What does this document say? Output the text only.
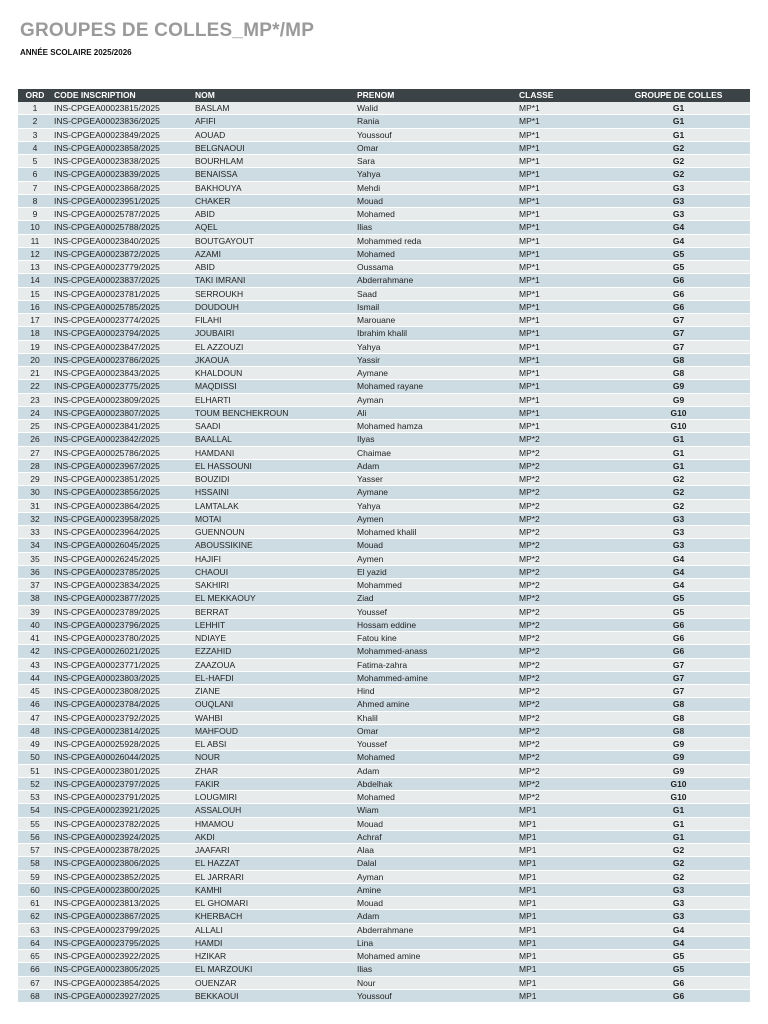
GROUPES DE COLLES_MP*/MP
ANNÉE SCOLAIRE 2025/2026
ORD	CODE INSCRIPTION	NOM	PRENOM	CLASSE	GROUPE DE COLLES
1	INS-CPGEA00023815/2025	BASLAM	Walid	MP*1	G1
2	INS-CPGEA00023836/2025	AFIFI	Rania	MP*1	G1
3	INS-CPGEA00023849/2025	AOUAD	Youssouf	MP*1	G1
4	INS-CPGEA00023858/2025	BELGNAOUI	Omar	MP*1	G2
5	INS-CPGEA00023838/2025	BOURHLAM	Sara	MP*1	G2
6	INS-CPGEA00023839/2025	BENAISSA	Yahya	MP*1	G2
7	INS-CPGEA00023868/2025	BAKHOUYA	Mehdi	MP*1	G3
8	INS-CPGEA00023951/2025	CHAKER	Mouad	MP*1	G3
9	INS-CPGEA00025787/2025	ABID	Mohamed	MP*1	G3
10	INS-CPGEA00025788/2025	AQEL	Ilias	MP*1	G4
11	INS-CPGEA00023840/2025	BOUTGAYOUT	Mohammed reda	MP*1	G4
12	INS-CPGEA00023872/2025	AZAMI	Mohamed	MP*1	G5
13	INS-CPGEA00023779/2025	ABID	Oussama	MP*1	G5
14	INS-CPGEA00023837/2025	TAKI IMRANI	Abderrahmane	MP*1	G6
15	INS-CPGEA00023781/2025	SERROUKH	Saad	MP*1	G6
16	INS-CPGEA00025785/2025	DOUDOUH	Ismail	MP*1	G6
17	INS-CPGEA00023774/2025	FILAHI	Marouane	MP*1	G7
18	INS-CPGEA00023794/2025	JOUBAIRI	Ibrahim khalil	MP*1	G7
19	INS-CPGEA00023847/2025	EL AZZOUZI	Yahya	MP*1	G7
20	INS-CPGEA00023786/2025	JKAOUA	Yassir	MP*1	G8
21	INS-CPGEA00023843/2025	KHALDOUN	Aymane	MP*1	G8
22	INS-CPGEA00023775/2025	MAQDISSI	Mohamed rayane	MP*1	G9
23	INS-CPGEA00023809/2025	ELHARTI	Ayman	MP*1	G9
24	INS-CPGEA00023807/2025	TOUM BENCHEKROUN	Ali	MP*1	G10
25	INS-CPGEA00023841/2025	SAADI	Mohamed hamza	MP*1	G10
26	INS-CPGEA00023842/2025	BAALLAL	Ilyas	MP*2	G1
27	INS-CPGEA00025786/2025	HAMDANI	Chaimae	MP*2	G1
28	INS-CPGEA00023967/2025	EL HASSOUNI	Adam	MP*2	G1
29	INS-CPGEA00023851/2025	BOUZIDI	Yasser	MP*2	G2
30	INS-CPGEA00023856/2025	HSSAINI	Aymane	MP*2	G2
31	INS-CPGEA00023864/2025	LAMTALAK	Yahya	MP*2	G2
32	INS-CPGEA00023958/2025	MOTAI	Aymen	MP*2	G3
33	INS-CPGEA00023964/2025	GUENNOUN	Mohamed khalil	MP*2	G3
34	INS-CPGEA00026045/2025	ABOUSSIKINE	Mouad	MP*2	G3
35	INS-CPGEA00026245/2025	HAJIFI	Aymen	MP*2	G4
36	INS-CPGEA00023785/2025	CHAOUI	El yazid	MP*2	G4
37	INS-CPGEA00023834/2025	SAKHIRI	Mohammed	MP*2	G4
38	INS-CPGEA00023877/2025	EL MEKKAOUY	Ziad	MP*2	G5
39	INS-CPGEA00023789/2025	BERRAT	Youssef	MP*2	G5
40	INS-CPGEA00023796/2025	LEHHIT	Hossam eddine	MP*2	G6
41	INS-CPGEA00023780/2025	NDIAYE	Fatou kine	MP*2	G6
42	INS-CPGEA00026021/2025	EZZAHID	Mohammed-anass	MP*2	G6
43	INS-CPGEA00023771/2025	ZAAZOUA	Fatima-zahra	MP*2	G7
44	INS-CPGEA00023803/2025	EL-HAFDI	Mohammed-amine	MP*2	G7
45	INS-CPGEA00023808/2025	ZIANE	Hind	MP*2	G7
46	INS-CPGEA00023784/2025	OUQLANI	Ahmed amine	MP*2	G8
47	INS-CPGEA00023792/2025	WAHBI	Khalil	MP*2	G8
48	INS-CPGEA00023814/2025	MAHFOUD	Omar	MP*2	G8
49	INS-CPGEA00025928/2025	EL ABSI	Youssef	MP*2	G9
50	INS-CPGEA00026044/2025	NOUR	Mohamed	MP*2	G9
51	INS-CPGEA00023801/2025	ZHAR	Adam	MP*2	G9
52	INS-CPGEA00023797/2025	FAKIR	Abdelhak	MP*2	G10
53	INS-CPGEA00023791/2025	LOUGMIRI	Mohamed	MP*2	G10
54	INS-CPGEA00023921/2025	ASSALOUH	Wiam	MP1	G1
55	INS-CPGEA00023782/2025	HMAMOU	Mouad	MP1	G1
56	INS-CPGEA00023924/2025	AKDI	Achraf	MP1	G1
57	INS-CPGEA00023878/2025	JAAFARI	Alaa	MP1	G2
58	INS-CPGEA00023806/2025	EL HAZZAT	Dalal	MP1	G2
59	INS-CPGEA00023852/2025	EL JARRARI	Ayman	MP1	G2
60	INS-CPGEA00023800/2025	KAMHI	Amine	MP1	G3
61	INS-CPGEA00023813/2025	EL GHOMARI	Mouad	MP1	G3
62	INS-CPGEA00023867/2025	KHERBACH	Adam	MP1	G3
63	INS-CPGEA00023799/2025	ALLALI	Abderrahmane	MP1	G4
64	INS-CPGEA00023795/2025	HAMDI	Lina	MP1	G4
65	INS-CPGEA00023922/2025	HZIKAR	Mohamed amine	MP1	G5
66	INS-CPGEA00023805/2025	EL MARZOUKI	Ilias	MP1	G5
67	INS-CPGEA00023854/2025	OUENZAR	Nour	MP1	G6
68	INS-CPGEA00023927/2025	BEKKAOUI	Youssouf	MP1	G6
